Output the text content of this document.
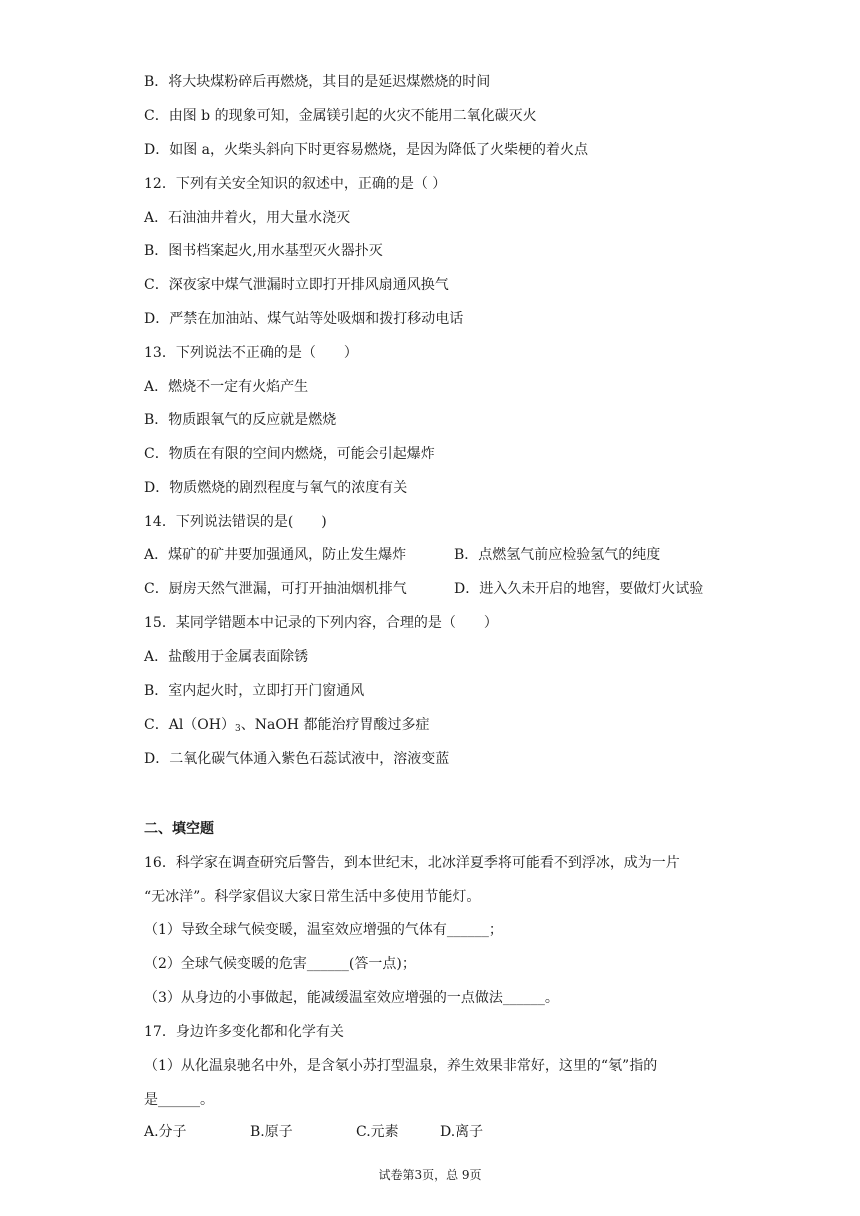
B．将大块煤粉碎后再燃烧，其目的是延迟煤燃烧的时间
C．由图 b 的现象可知，金属镁引起的火灾不能用二氧化碳灭火
D．如图 a，火柴头斜向下时更容易燃烧，是因为降低了火柴梗的着火点
12．下列有关安全知识的叙述中，正确的是（ ）
A．石油油井着火，用大量水浇灭
B．图书档案起火,用水基型灭火器扑灭
C．深夜家中煤气泄漏时立即打开排风扇通风换气
D．严禁在加油站、煤气站等处吸烟和拨打移动电话
13．下列说法不正确的是（　　）
A．燃烧不一定有火焰产生
B．物质跟氧气的反应就是燃烧
C．物质在有限的空间内燃烧，可能会引起爆炸
D．物质燃烧的剧烈程度与氧气的浓度有关
14．下列说法错误的是(　　)
A．煤矿的矿井要加强通风，防止发生爆炸	B．点燃氢气前应检验氢气的纯度
C．厨房天然气泄漏，可打开抽油烟机排气	D．进入久未开启的地窖，要做灯火试验
15．某同学错题本中记录的下列内容，合理的是（　　）
A．盐酸用于金属表面除锈
B．室内起火时，立即打开门窗通风
C．$Al(OH)_3$、NaOH 都能治疗胃酸过多症
D．二氧化碳气体通入紫色石蕊试液中，溶液变蓝
二、填空题
16．科学家在调查研究后警告，到本世纪末，北冰洋夏季将可能看不到浮冰，成为一片
“无冰洋”。科学家倡议大家日常生活中多使用节能灯。
（1）导致全球气候变暖，温室效应增强的气体有______；
（2）全球气候变暖的危害______(答一点)；
（3）从身边的小事做起，能减缓温室效应增强的一点做法______。
17．身边许多变化都和化学有关
（1）从化温泉驰名中外，是含氡小苏打型温泉，养生效果非常好，这里的“氡”指的
是______。
A.分子	B.原子	C.元素	D.离子
试卷第3页，总 9页
